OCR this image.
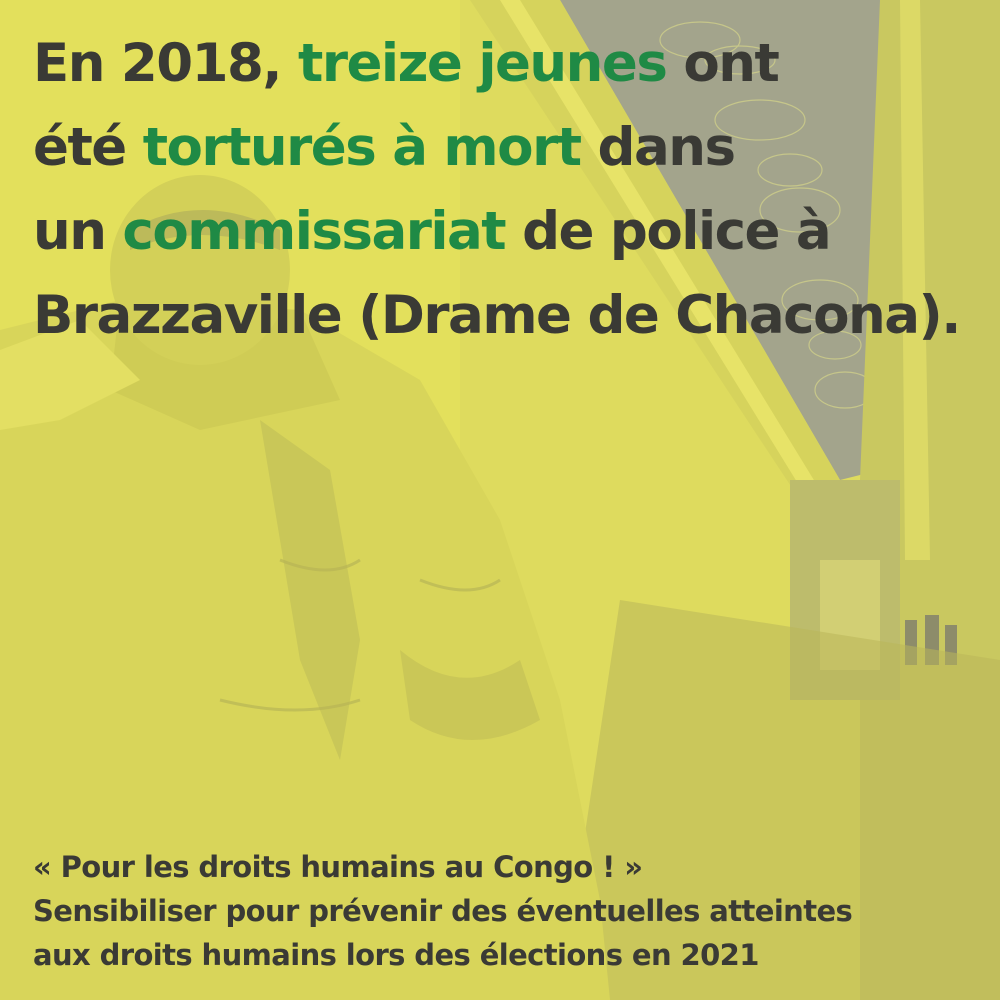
En 2018, treize jeunes ont
été torturés à mort dans
un commissariat de police à
Brazzaville (Drame de Chacona).
« Pour les droits humains au Congo ! »
Sensibiliser pour prévenir des éventuelles atteintes
aux droits humains lors des élections en 2021
